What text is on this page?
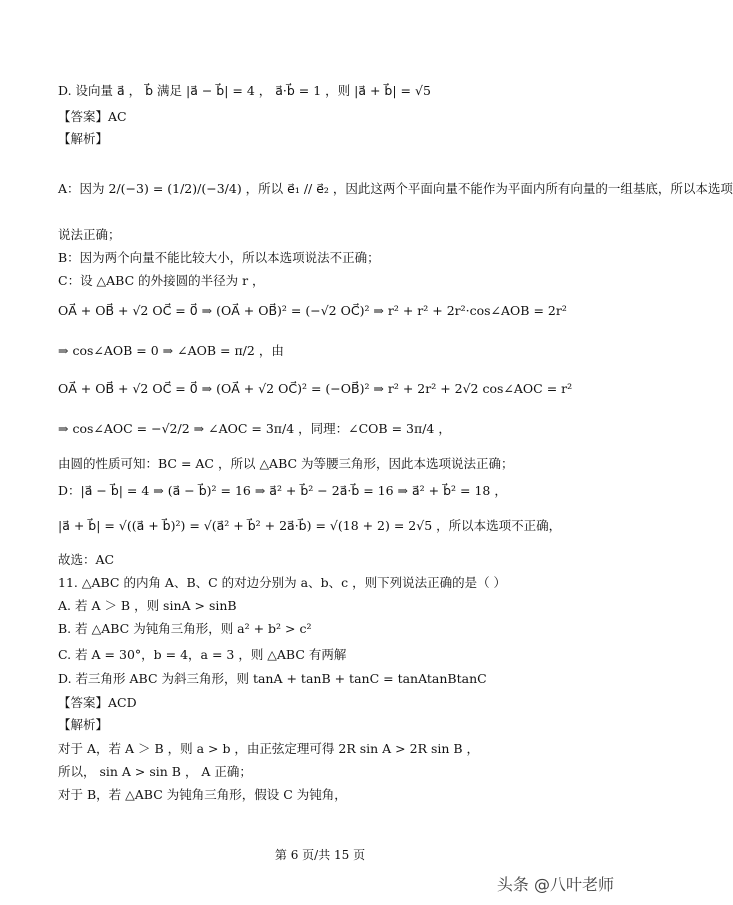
D. 设向量 a⃗ ， b⃗ 满足 |a⃗ − b⃗| = 4 ， a⃗·b⃗ = 1 ，则 |a⃗ + b⃗| = √5
【答案】AC
【解析】
A：因为 2/(−3) = (1/2)/(−3/4) ，所以 e⃗₁ // e⃗₂ ，因此这两个平面向量不能作为平面内所有向量的一组基底，所以本选项
说法正确；
B：因为两个向量不能比较大小，所以本选项说法不正确；
C：设 △ABC 的外接圆的半径为 r ，
OA⃗ + OB⃗ + √2 OC⃗ = 0⃗ ⇒ (OA⃗ + OB⃗)² = (−√2 OC⃗)² ⇒ r² + r² + 2r²·cos∠AOB = 2r²
⇒ cos∠AOB = 0 ⇒ ∠AOB = π/2 ，由
OA⃗ + OB⃗ + √2 OC⃗ = 0⃗ ⇒ (OA⃗ + √2 OC⃗)² = (−OB⃗)² ⇒ r² + 2r² + 2√2 cos∠AOC = r²
⇒ cos∠AOC = −√2/2 ⇒ ∠AOC = 3π/4 ，同理：∠COB = 3π/4 ，
由圆的性质可知：BC = AC ，所以 △ABC 为等腰三角形，因此本选项说法正确；
D：|a⃗ − b⃗| = 4 ⇒ (a⃗ − b⃗)² = 16 ⇒ a⃗² + b⃗² − 2a⃗·b⃗ = 16 ⇒ a⃗² + b⃗² = 18 ，
|a⃗ + b⃗| = √((a⃗ + b⃗)²) = √(a⃗² + b⃗² + 2a⃗·b⃗) = √(18 + 2) = 2√5 ，所以本选项不正确，
故选：AC
11. △ABC 的内角 A、B、C 的对边分别为 a、b、c ，则下列说法正确的是（ ）
A. 若 A ＞ B ，则 sinA > sinB
B. 若 △ABC 为钝角三角形，则 a² + b² > c²
C. 若 A = 30°，b = 4，a = 3 ，则 △ABC 有两解
D. 若三角形 ABC 为斜三角形，则 tanA + tanB + tanC = tanAtanBtanC
【答案】ACD
【解析】
对于 A，若 A ＞ B ，则 a > b ，由正弦定理可得 2R sin A > 2R sin B ，
所以， sin A > sin B ， A 正确；
对于 B，若 △ABC 为钝角三角形，假设 C 为钝角，
第 6 页/共 15 页
头条 @八叶老师
